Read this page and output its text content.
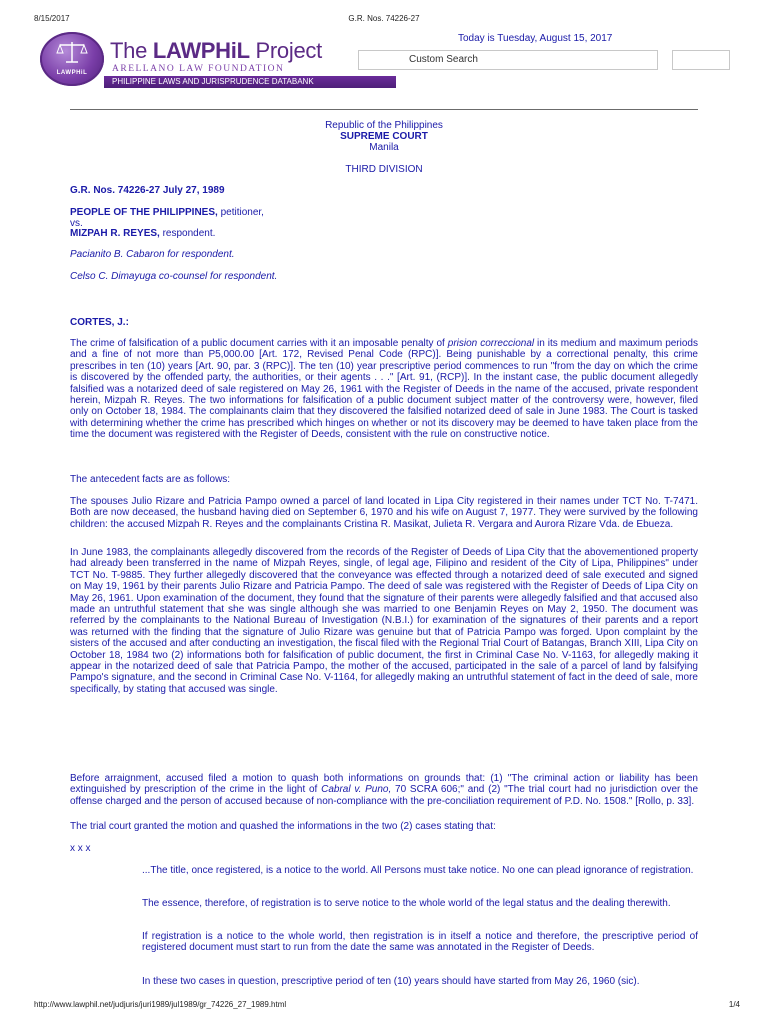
8/15/2017	G.R. Nos. 74226-27
LAWPHiL
The LAWPHiL Project
ARELLANO LAW FOUNDATION
PHILIPPINE LAWS AND JURISPRUDENCE DATABANK
Today is Tuesday, August 15, 2017
Custom Search
Republic of the Philippines
SUPREME COURT
Manila
THIRD DIVISION
G.R. Nos. 74226-27 July 27, 1989
PEOPLE OF THE PHILIPPINES, petitioner,
vs.
MIZPAH R. REYES, respondent.
Pacianito B. Cabaron for respondent.
Celso C. Dimayuga co-counsel for respondent.
CORTES, J.:

The crime of falsification of a public document carries with it an imposable penalty of prision correccional in its medium and maximum periods and a fine of not more than P5,000.00 [Art. 172, Revised Penal Code (RPC)]. Being punishable by a correctional penalty, this crime prescribes in ten (10) years [Art. 90, par. 3 (RPC)]. The ten (10) year prescriptive period commences to run "from the day on which the crime is discovered by the offended party, the authorities, or their agents . . ." [Art. 91, (RCP)]. In the instant case, the public document allegedly falsified was a notarized deed of sale registered on May 26, 1961 with the Register of Deeds in the name of the accused, private respondent herein, Mizpah R. Reyes. The two informations for falsification of a public document subject matter of the controversy were, however, filed only on October 18, 1984. The complainants claim that they discovered the falsified notarized deed of sale in June 1983. The Court is tasked with determining whether the crime has prescribed which hinges on whether or not its discovery may be deemed to have taken place from the time the document was registered with the Register of Deeds, consistent with the rule on constructive notice.

The antecedent facts are as follows:

The spouses Julio Rizare and Patricia Pampo owned a parcel of land located in Lipa City registered in their names under TCT No. T-7471. Both are now deceased, the husband having died on September 6, 1970 and his wife on August 7, 1977. They were survived by the following children: the accused Mizpah R. Reyes and the complainants Cristina R. Masikat, Julieta R. Vergara and Aurora Rizare Vda. de Ebueza.

In June 1983, the complainants allegedly discovered from the records of the Register of Deeds of Lipa City that the abovementioned property had already been transferred in the name of Mizpah Reyes, single, of legal age, Filipino and resident of the City of Lipa, Philippines" under TCT No. T-9885. They further allegedly discovered that the conveyance was effected through a notarized deed of sale executed and signed on May 19, 1961 by their parents Julio Rizare and Patricia Pampo. The deed of sale was registered with the Register of Deeds of Lipa City on May 26, 1961. Upon examination of the document, they found that the signature of their parents were allegedly falsified and that accused also made an untruthful statement that she was single although she was married to one Benjamin Reyes on May 2, 1950. The document was referred by the complainants to the National Bureau of Investigation (N.B.I.) for examination of the signatures of their parents and a report was returned with the finding that the signature of Julio Rizare was genuine but that of Patricia Pampo was forged. Upon complaint by the sisters of the accused and after conducting an investigation, the fiscal filed with the Regional Trial Court of Batangas, Branch XIII, Lipa City on October 18, 1984 two (2) informations both for falsification of public document, the first in Criminal Case No. V-1163, for allegedly making it appear in the notarized deed of sale that Patricia Pampo, the mother of the accused, participated in the sale of a parcel of land by falsifying Pampo's signature, and the second in Criminal Case No. V-1164, for allegedly making an untruthful statement of fact in the deed of sale, more specifically, by stating that accused was single.

Before arraignment, accused filed a motion to quash both informations on grounds that: (1) "The criminal action or liability has been extinguished by prescription of the crime in the light of Cabral v. Puno, 70 SCRA 606;" and (2) "The trial court had no jurisdiction over the offense charged and the person of accused because of non-compliance with the pre-conciliation requirement of P.D. No. 1508." [Rollo, p. 33].

The trial court granted the motion and quashed the informations in the two (2) cases stating that:

x x x

...The title, once registered, is a notice to the world. All Persons must take notice. No one can plead ignorance of registration.

The essence, therefore, of registration is to serve notice to the whole world of the legal status and the dealing therewith.

If registration is a notice to the whole world, then registration is in itself a notice and therefore, the prescriptive period of registered document must start to run from the date the same was annotated in the Register of Deeds.

In these two cases in question, prescriptive period of ten (10) years should have started from May 26, 1960 (sic).

http://www.lawphil.net/judjuris/juri1989/jul1989/gr_74226_27_1989.html	1/4
